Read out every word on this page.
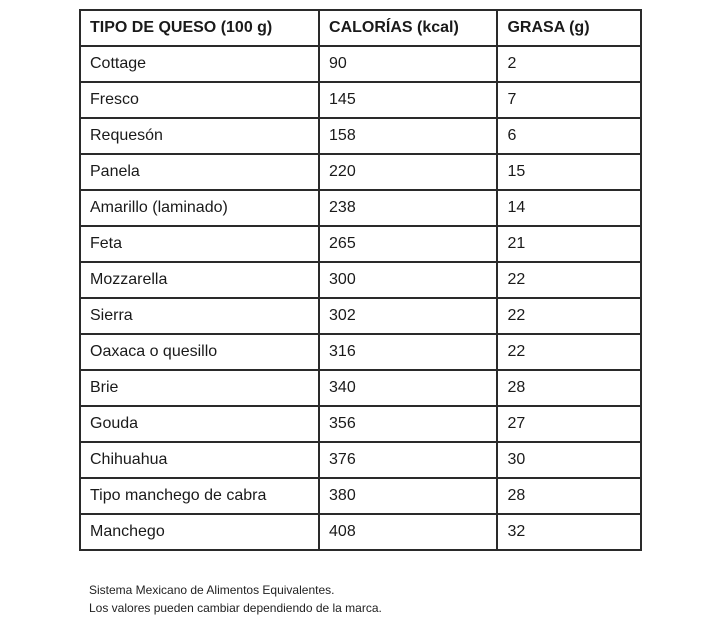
TIPO DE QUESO (100 g)	CALORÍAS (kcal)	GRASA (g)
Cottage	90	2
Fresco	145	7
Requesón	158	6
Panela	220	15
Amarillo (laminado)	238	14
Feta	265	21
Mozzarella	300	22
Sierra	302	22
Oaxaca o quesillo	316	22
Brie	340	28
Gouda	356	27
Chihuahua	376	30
Tipo manchego de cabra	380	28
Manchego	408	32
Sistema Mexicano de Alimentos Equivalentes.
Los valores pueden cambiar dependiendo de la marca.
